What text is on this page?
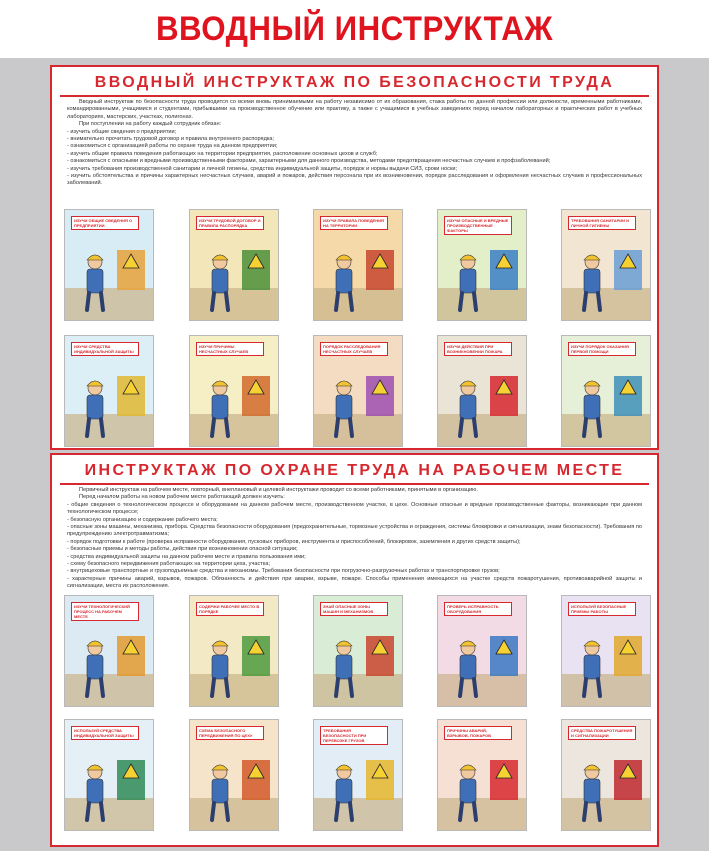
ВВОДНЫЙ ИНСТРУКТАЖ
ВВОДНЫЙ ИНСТРУКТАЖ ПО БЕЗОПАСНОСТИ ТРУДА

Вводный инструктаж по безопасности труда проводится со всеми вновь принимаемыми на работу независимо от их образования, стажа работы по данной профессии или должности, временными работниками, командированными, учащимися и студентами, прибывшими на производственное обучение или практику, а также с учащимися в учебных заведениях перед началом лабораторных и практических работ в учебных лабораториях, мастерских, участках, полигонах.

При поступлении на работу каждый сотрудник обязан:

- изучить общие сведения о предприятии;

- внимательно прочитать трудовой договор и правила внутреннего распорядка;

- ознакомиться с организацией работы по охране труда на данном предприятии;

- изучить общие правила поведения работающих на территории предприятия, расположение основных цехов и служб;

- ознакомиться с опасными и вредными производственными факторами, характерными для данного производства, методами предотвращения несчастных случаев и профзаболеваний;

- изучить требования производственной санитарии и личной гигиены, средства индивидуальной защиты, порядок и нормы выдачи СИЗ, сроки носки;

- изучить обстоятельства и причины характерных несчастных случаев, аварий и пожаров, действия персонала при их возникновении, порядок расследования и оформления несчастных случаев и профессиональных заболеваний.

ИЗУЧИ ОБЩИЕ СВЕДЕНИЯ О ПРЕДПРИЯТИИ
ИЗУЧИ ТРУДОВОЙ ДОГОВОР И ПРАВИЛА РАСПОРЯДКА
ИЗУЧИ ПРАВИЛА ПОВЕДЕНИЯ НА ТЕРРИТОРИИ
ИЗУЧИ ОПАСНЫЕ И ВРЕДНЫЕ ПРОИЗВОДСТВЕННЫЕ ФАКТОРЫ
ТРЕБОВАНИЯ САНИТАРИИ И ЛИЧНОЙ ГИГИЕНЫ
ИЗУЧИ СРЕДСТВА ИНДИВИДУАЛЬНОЙ ЗАЩИТЫ
ИЗУЧИ ПРИЧИНЫ НЕСЧАСТНЫХ СЛУЧАЕВ
ПОРЯДОК РАССЛЕДОВАНИЯ НЕСЧАСТНЫХ СЛУЧАЕВ
ИЗУЧИ ДЕЙСТВИЯ ПРИ ВОЗНИКНОВЕНИИ ПОЖАРА
ИЗУЧИ ПОРЯДОК ОКАЗАНИЯ ПЕРВОЙ ПОМОЩИ
ИНСТРУКТАЖ ПО ОХРАНЕ ТРУДА НА РАБОЧЕМ МЕСТЕ

Первичный инструктаж на рабочем месте, повторный, внеплановый и целевой инструктажи проводит со всеми работниками, принятыми в организацию.

Перед началом работы на новом рабочем месте работающий должен изучить:

- общие сведения о технологическом процессе и оборудовании на данном рабочем месте, производственном участке, в цехе. Основные опасные и вредные производственные факторы, возникающие при данном технологическом процессе;

- безопасную организацию и содержание рабочего места;

- опасные зоны машины, механизма, прибора. Средства безопасности оборудования (предохранительные, тормозные устройства и ограждения, системы блокировки и сигнализации, знаки безопасности). Требования по предупреждению электротравматизма;

- порядок подготовки к работе (проверка исправности оборудования, пусковых приборов, инструмента и приспособлений, блокировок, заземления и других средств защиты);

- безопасные приемы и методы работы, действия при возникновении опасной ситуации;

- средства индивидуальной защиты на данном рабочем месте и правила пользования ими;

- схему безопасного передвижения работающих на территории цеха, участка;

- внутрицеховые транспортные и грузоподъемные средства и механизмы. Требования безопасности при погрузочно-разгрузочных работах и транспортировке грузов;

- характерные причины аварий, взрывов, пожаров. Обязанность и действия при аварии, взрыве, пожаре. Способы применения имеющихся на участке средств пожаротушения, противоаварийной защиты и сигнализации, места их расположения.

ИЗУЧИ ТЕХНОЛОГИЧЕСКИЙ ПРОЦЕСС НА РАБОЧЕМ МЕСТЕ
СОДЕРЖИ РАБОЧЕЕ МЕСТО В ПОРЯДКЕ
ЗНАЙ ОПАСНЫЕ ЗОНЫ МАШИН И МЕХАНИЗМОВ
ПРОВЕРЬ ИСПРАВНОСТЬ ОБОРУДОВАНИЯ
ИСПОЛЬЗУЙ БЕЗОПАСНЫЕ ПРИЕМЫ РАБОТЫ
ИСПОЛЬЗУЙ СРЕДСТВА ИНДИВИДУАЛЬНОЙ ЗАЩИТЫ
СХЕМА БЕЗОПАСНОГО ПЕРЕДВИЖЕНИЯ ПО ЦЕХУ
ТРЕБОВАНИЯ БЕЗОПАСНОСТИ ПРИ ПЕРЕВОЗКЕ ГРУЗОВ
ПРИЧИНЫ АВАРИЙ, ВЗРЫВОВ, ПОЖАРОВ
СРЕДСТВА ПОЖАРОТУШЕНИЯ И СИГНАЛИЗАЦИИ
